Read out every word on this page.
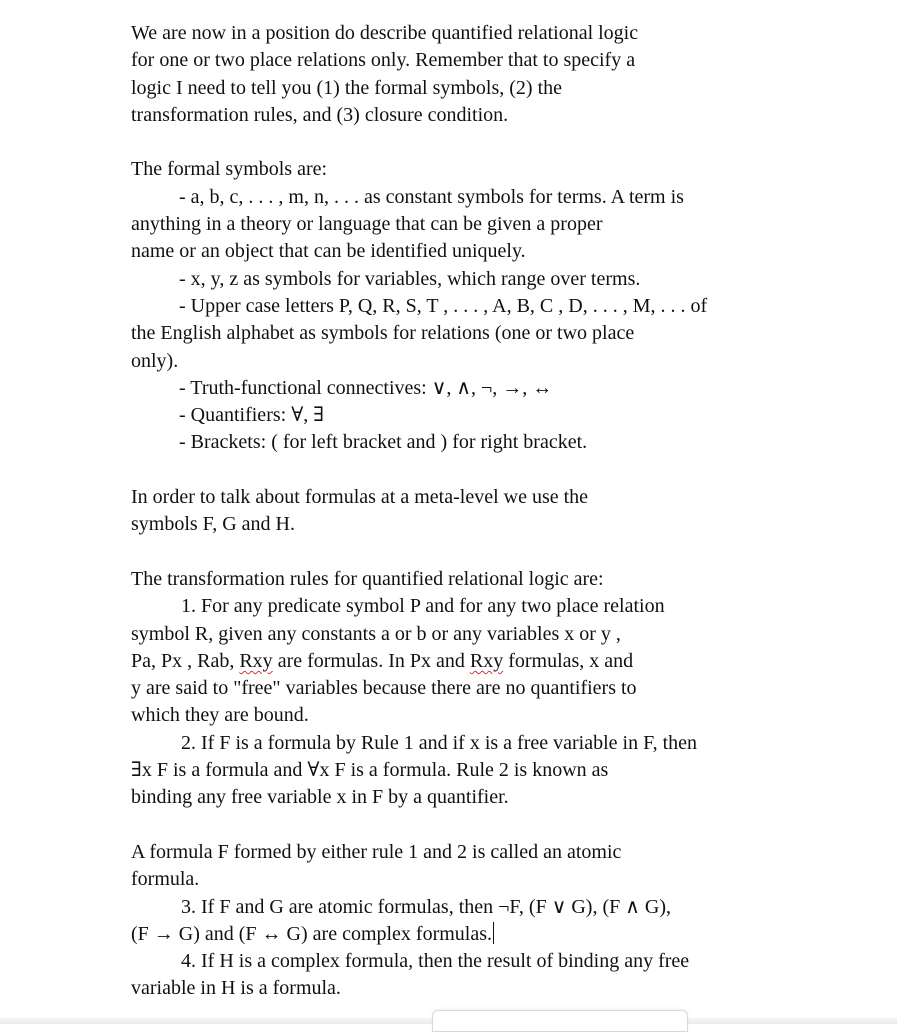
We are now in a position do describe quantified relational logic

for one or two place relations only. Remember that to specify a

logic I need to tell you (1) the formal symbols, (2) the

transformation rules, and (3) closure condition.

The formal symbols are:

- a, b, c, . . . , m, n, . . . as constant symbols for terms. A term is

anything in a theory or language that can be given a proper

name or an object that can be identified uniquely.

- x, y, z as symbols for variables, which range over terms.

- Upper case letters P, Q, R, S, T , . . . , A, B, C , D, . . . , M, . . . of

the English alphabet as symbols for relations (one or two place

only).

- Truth-functional connectives: ∨, ∧, ¬, →, ↔

- Quantifiers: ∀, ∃

- Brackets: ( for left bracket and ) for right bracket.

In order to talk about formulas at a meta-level we use the

symbols F, G and H.

The transformation rules for quantified relational logic are:

1. For any predicate symbol P and for any two place relation

symbol R, given any constants a or b or any variables x or y ,

Pa, Px , Rab, Rxy are formulas. In Px and Rxy formulas, x and

y are said to "free" variables because there are no quantifiers to

which they are bound.

2. If F is a formula by Rule 1 and if x is a free variable in F, then

∃x F is a formula and ∀x F is a formula. Rule 2 is known as

binding any free variable x in F by a quantifier.

A formula F formed by either rule 1 and 2 is called an atomic

formula.

3. If F and G are atomic formulas, then ¬F, (F ∨ G), (F ∧ G),

(F → G) and (F ↔ G) are complex formulas.

4. If H is a complex formula, then the result of binding any free

variable in H is a formula.
